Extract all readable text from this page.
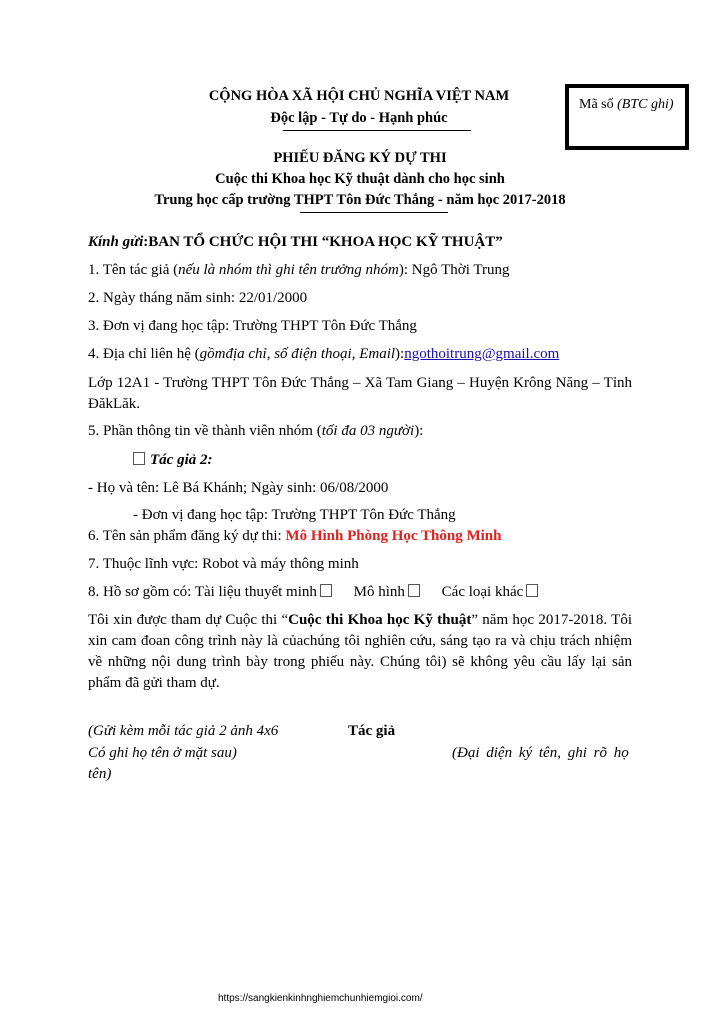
CỘNG HÒA XÃ HỘI CHỦ NGHĨA VIỆT NAM
Độc lập - Tự do - Hạnh phúc
Mã số (BTC ghi)
PHIẾU ĐĂNG KÝ DỰ THI
Cuộc thi Khoa học Kỹ thuật dành cho học sinh
Trung học cấp trường THPT Tôn Đức Thắng - năm học 2017-2018
Kính gửi:BAN TỔ CHỨC HỘI THI “KHOA HỌC KỸ THUẬT”
1. Tên tác giả (nếu là nhóm thì ghi tên trưởng nhóm): Ngô Thời Trung
2. Ngày tháng năm sinh: 22/01/2000
3. Đơn vị đang học tập: Trường THPT Tôn Đức Thắng
4. Địa chỉ liên hệ (gồmđịa chỉ, số điện thoại, Email):ngothoitrung@gmail.com
Lớp 12A1 - Trường THPT Tôn Đức Thắng – Xã Tam Giang – Huyện Krông Năng – Tỉnh ĐăkLăk.
5. Phần thông tin về thành viên nhóm (tối đa 03 người):
Tác giả 2:
- Họ và tên: Lê Bá Khánh; Ngày sinh: 06/08/2000
- Đơn vị đang học tập: Trường THPT Tôn Đức Thắng
6. Tên sản phẩm đăng ký dự thi: Mô Hình Phòng Học Thông Minh
7. Thuộc lĩnh vực: Robot và máy thông minh
8. Hồ sơ gồm có: Tài liệu thuyết minh Mô hình Các loại khác
Tôi xin được tham dự Cuộc thi “Cuộc thi Khoa học Kỹ thuật” năm học 2017-2018. Tôi xin cam đoan công trình này là củachúng tôi nghiên cứu, sáng tạo ra và chịu trách nhiệm về những nội dung trình bày trong phiếu này. Chúng tôi) sẽ không yêu cầu lấy lại sản phẩm đã gửi tham dự.
(Gửi kèm mỗi tác giả 2 ảnh 4x6	Tác giả
Có ghi họ tên ở mặt sau)	(Đại diện ký tên, ghi rõ họ
tên)
https://sangkienkinhnghiemchunhiemgioi.com/
